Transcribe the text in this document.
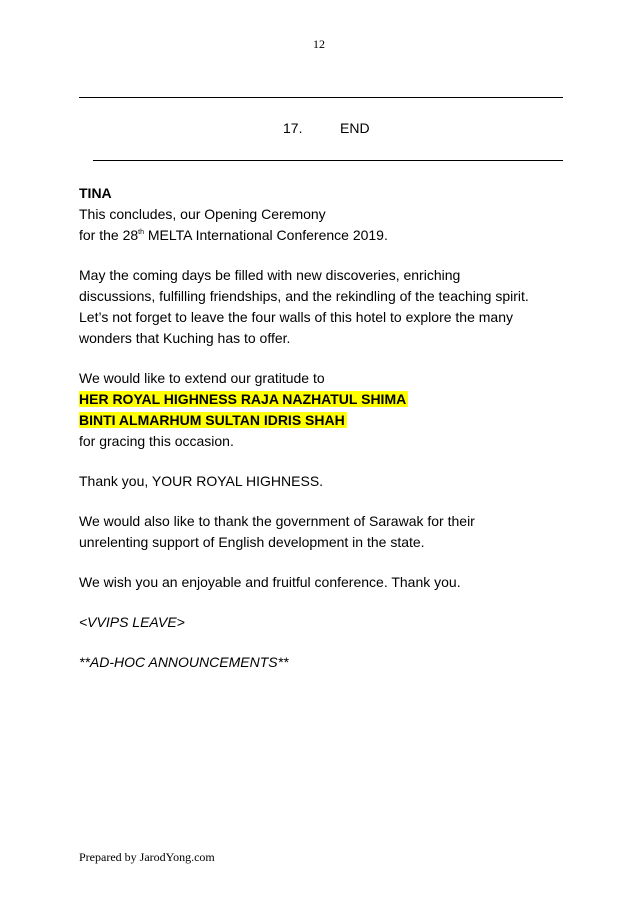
12
17.	END

TINA

This concludes, our Opening Ceremony

for the 28th MELTA International Conference 2019.

May the coming days be filled with new discoveries, enriching

discussions, fulfilling friendships, and the rekindling of the teaching spirit.

Let’s not forget to leave the four walls of this hotel to explore the many

wonders that Kuching has to offer.

We would like to extend our gratitude to

HER ROYAL HIGHNESS RAJA NAZHATUL SHIMA

BINTI ALMARHUM SULTAN IDRIS SHAH

for gracing this occasion.

Thank you, YOUR ROYAL HIGHNESS.

We would also like to thank the government of Sarawak for their

unrelenting support of English development in the state.

We wish you an enjoyable and fruitful conference. Thank you.

<VVIPS LEAVE>

**AD-HOC ANNOUNCEMENTS**

Prepared by JarodYong.com
